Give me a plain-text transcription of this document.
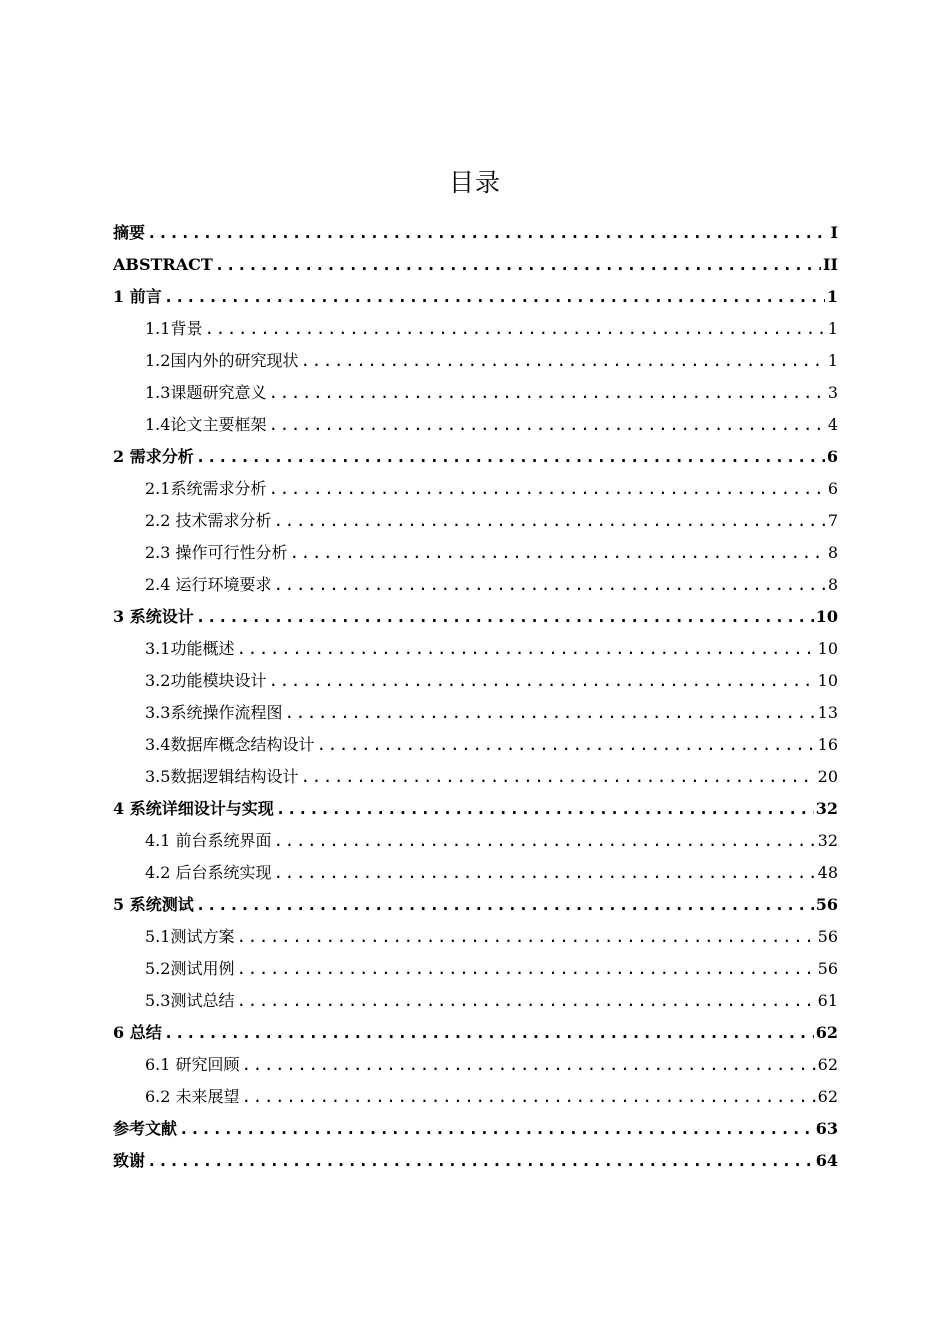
目录
摘要 .....	I
ABSTRACT .....	II
1 前言 .....	1
1.1背景 .....	1
1.2国内外的研究现状 .....	1
1.3课题研究意义 .....	3
1.4论文主要框架 .....	4
2 需求分析 .....	6
2.1系统需求分析 .....	6
2.2 技术需求分析 .....	7
2.3 操作可行性分析 .....	8
2.4 运行环境要求 .....	8
3 系统设计 .....	10
3.1功能概述 .....	10
3.2功能模块设计 .....	10
3.3系统操作流程图 .....	13
3.4数据库概念结构设计 .....	16
3.5数据逻辑结构设计 .....	20
4 系统详细设计与实现 .....	32
4.1 前台系统界面 .....	32
4.2 后台系统实现 .....	48
5 系统测试 .....	56
5.1测试方案 .....	56
5.2测试用例 .....	56
5.3测试总结 .....	61
6 总结 .....	62
6.1 研究回顾 .....	62
6.2 未来展望 .....	62
参考文献 .....	63
致谢 .....	64
